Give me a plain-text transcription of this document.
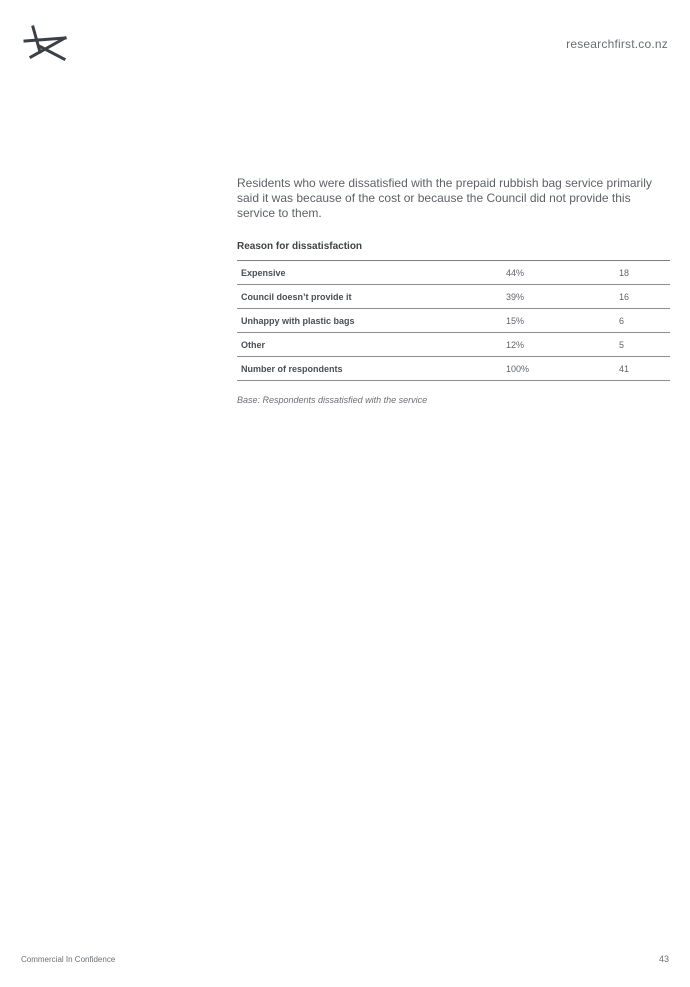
researchfirst.co.nz

Residents who were dissatisfied with the prepaid rubbish bag service primarily said it was because of the cost or because the Council did not provide this service to them.

Reason for dissatisfaction
Expensive	44%	18
Council doesn’t provide it	39%	16
Unhappy with plastic bags	15%	6
Other	12%	5
Number of respondents	100%	41
Base: Respondents dissatisfied with the service
Commercial In Confidence	43
